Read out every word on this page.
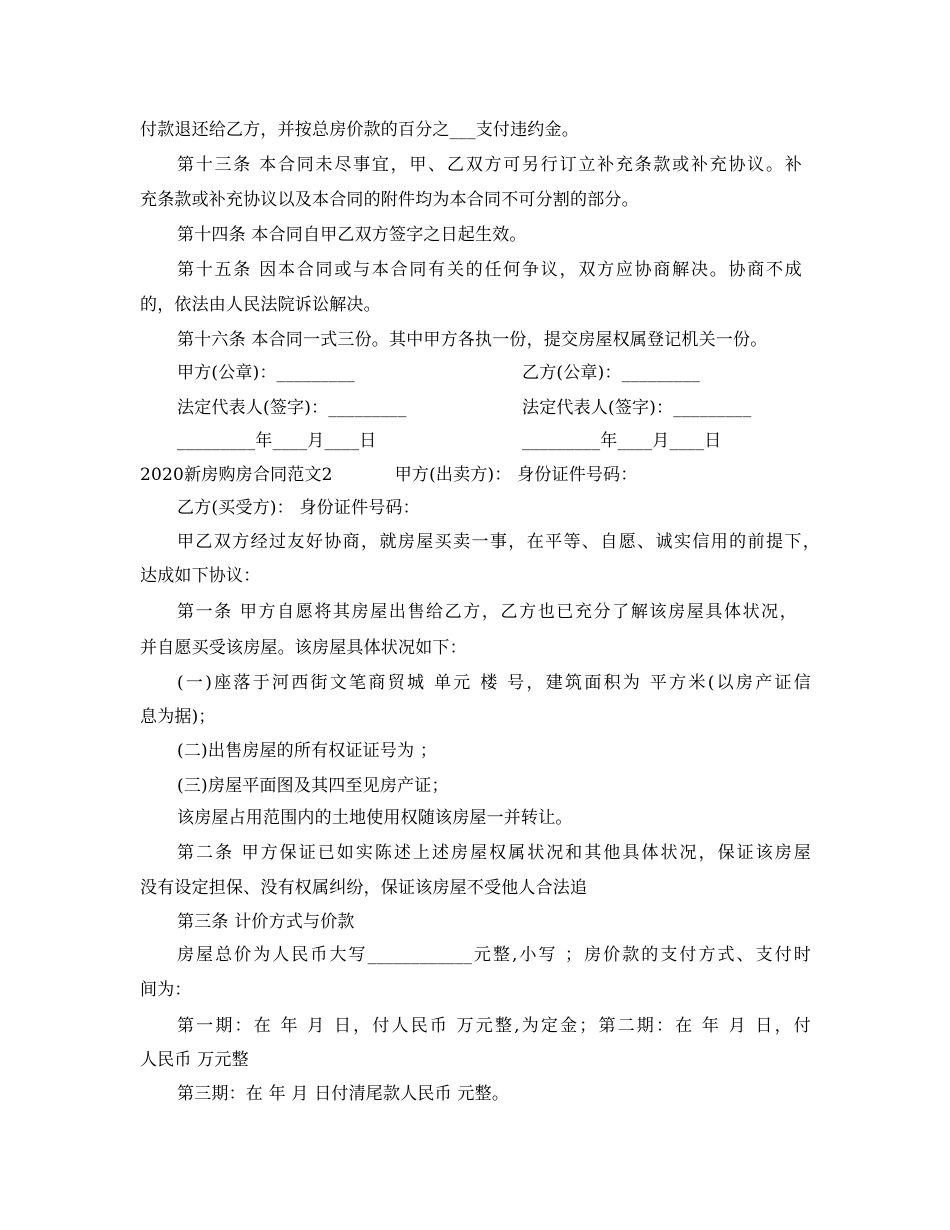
付款退还给乙方，并按总房价款的百分之___支付违约金。
第十三条 本合同未尽事宜，甲、乙双方可另行订立补充条款或补充协议。补
充条款或补充协议以及本合同的附件均为本合同不可分割的部分。
第十四条 本合同自甲乙双方签字之日起生效。
第十五条 因本合同或与本合同有关的任何争议，双方应协商解决。协商不成
的，依法由人民法院诉讼解决。
第十六条 本合同一式三份。其中甲方各执一份，提交房屋权属登记机关一份。
甲方(公章)：_________	乙方(公章)：_________
法定代表人(签字)：_________	法定代表人(签字)：_________
_________年____月____日	_________年____月____日
2020新房购房合同范文2	甲方(出卖方)： 身份证件号码：
乙方(买受方)： 身份证件号码：
甲乙双方经过友好协商，就房屋买卖一事，在平等、自愿、诚实信用的前提下，
达成如下协议：
第一条 甲方自愿将其房屋出售给乙方，乙方也已充分了解该房屋具体状况，
并自愿买受该房屋。该房屋具体状况如下：
(一)座落于河西街文笔商贸城 单元 楼 号，建筑面积为 平方米(以房产证信
息为据)；
(二)出售房屋的所有权证证号为 ；
(三)房屋平面图及其四至见房产证；
该房屋占用范围内的土地使用权随该房屋一并转让。
第二条 甲方保证已如实陈述上述房屋权属状况和其他具体状况，保证该房屋
没有设定担保、没有权属纠纷，保证该房屋不受他人合法追
第三条 计价方式与价款
房屋总价为人民币大写____________元整,小写 ；房价款的支付方式、支付时
间为：
第一期：在 年 月 日，付人民币 万元整,为定金；第二期：在 年 月 日，付
人民币 万元整
第三期：在 年 月 日付清尾款人民币 元整。
